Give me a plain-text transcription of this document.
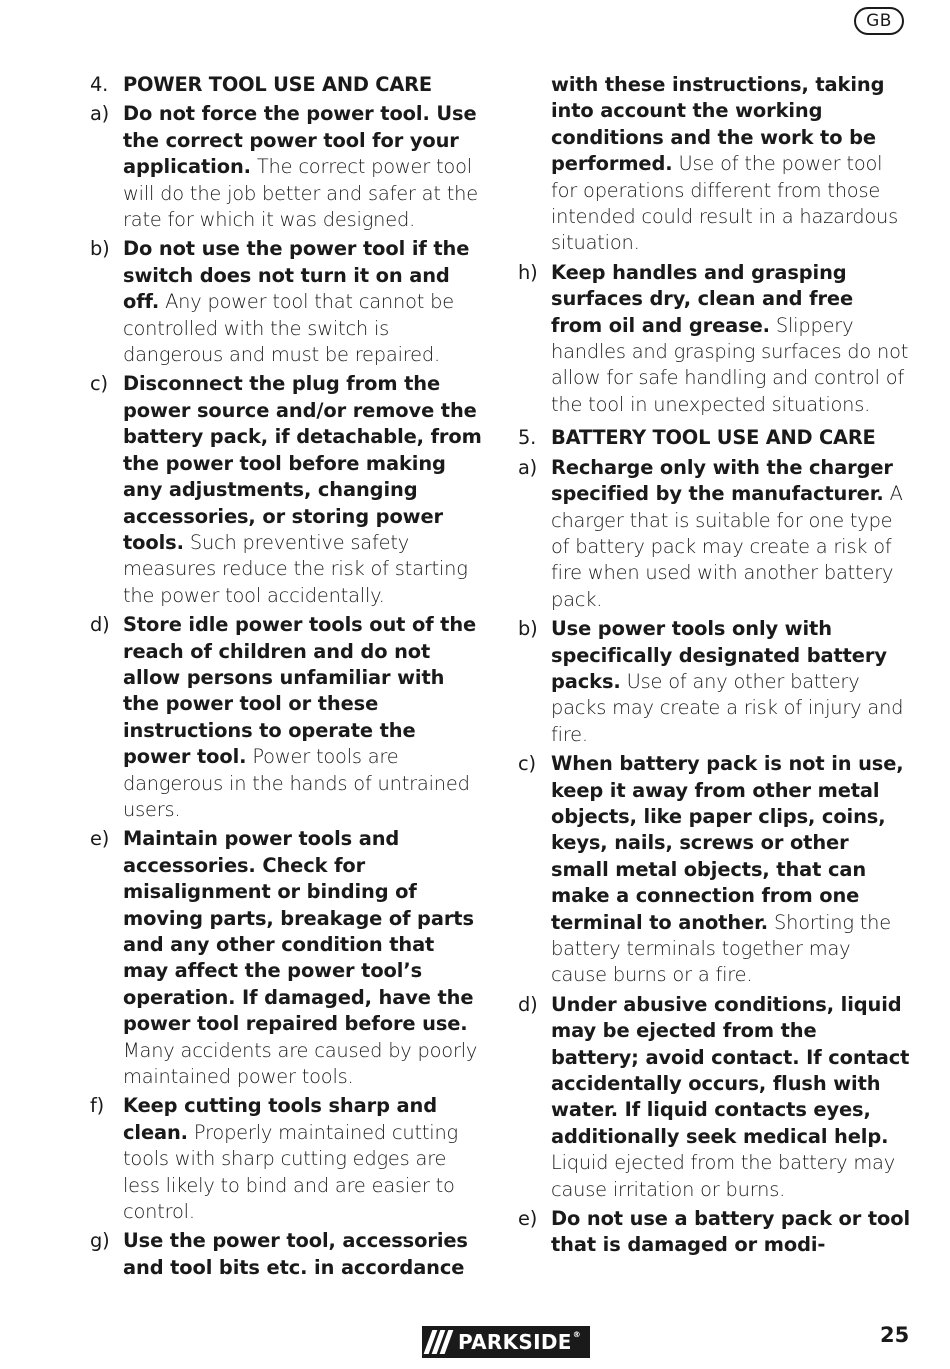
GB
4. POWER TOOL USE AND CARE
a) Do not force the power tool. Use the correct power tool for your application. The correct power tool will do the job better and safer at the rate for which it was designed.
b) Do not use the power tool if the switch does not turn it on and off. Any power tool that cannot be controlled with the switch is dangerous and must be repaired.
c) Disconnect the plug from the power source and/or remove the battery pack, if detachable, from the power tool before making any adjustments, changing accessories, or storing power tools. Such preventive safety measures reduce the risk of starting the power tool accidentally.
d) Store idle power tools out of the reach of children and do not allow persons unfamiliar with the power tool or these instructions to operate the power tool. Power tools are dangerous in the hands of untrained users.
e) Maintain power tools and accessories. Check for misalignment or binding of moving parts, breakage of parts and any other condition that may affect the power tool’s operation. If damaged, have the power tool repaired before use. Many accidents are caused by poorly maintained power tools.
f) Keep cutting tools sharp and clean. Properly maintained cutting tools with sharp cutting edges are less likely to bind and are easier to control.
g) Use the power tool, accessories and tool bits etc. in accordance
with these instructions, taking into account the working conditions and the work to be performed. Use of the power tool for operations different from those intended could result in a hazardous situation.
h) Keep handles and grasping surfaces dry, clean and free from oil and grease. Slippery handles and grasping surfaces do not allow for safe handling and control of the tool in unexpected situations.
5. BATTERY TOOL USE AND CARE
a) Recharge only with the charger specified by the manufacturer. A charger that is suitable for one type of battery pack may create a risk of fire when used with another battery pack.
b) Use power tools only with specifically designated battery packs. Use of any other battery packs may create a risk of injury and fire.
c) When battery pack is not in use, keep it away from other metal objects, like paper clips, coins, keys, nails, screws or other small metal objects, that can make a connection from one terminal to another. Shorting the battery terminals together may cause burns or a fire.
d) Under abusive conditions, liquid may be ejected from the battery; avoid contact. If contact accidentally occurs, flush with water. If liquid contacts eyes, additionally seek medical help. Liquid ejected from the battery may cause irritation or burns.
e) Do not use a battery pack or tool that is damaged or modi-
PARKSIDE ®	25
